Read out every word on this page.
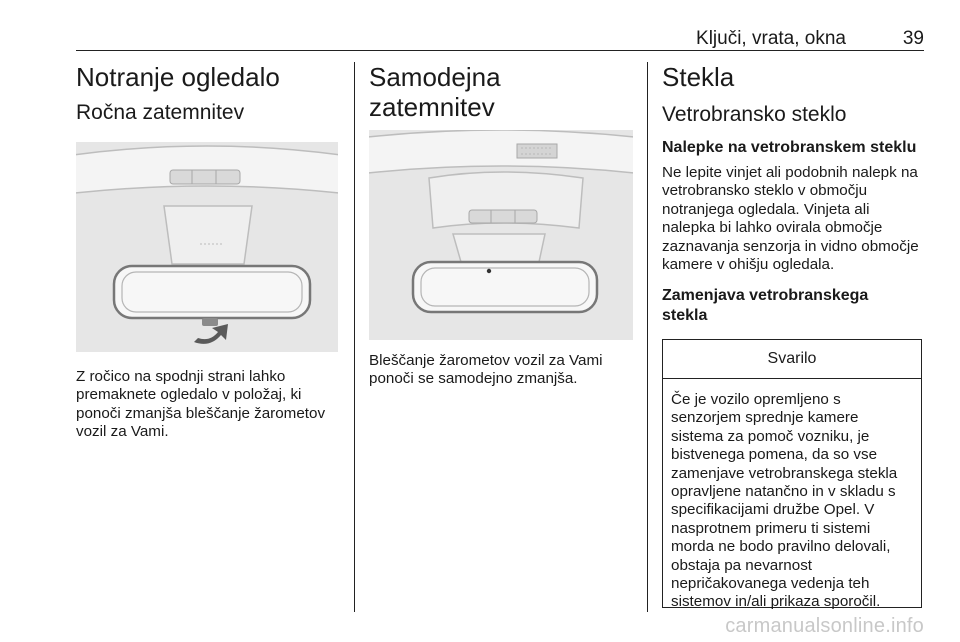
Ključi, vrata, okna	39
Notranje ogledalo
Ročna zatemnitev

Z ročico na spodnji strani lahko premaknete ogledalo v položaj, ki ponoči zmanjša bleščanje žarometov vozil za Vami.

Samodejna zatemnitev

Bleščanje žarometov vozil za Vami ponoči se samodejno zmanjša.

Stekla
Vetrobransko steklo
Nalepke na vetrobranskem steklu

Ne lepite vinjet ali podobnih nalepk na vetrobransko steklo v območju notranjega ogledala. Vinjeta ali nalepka bi lahko ovirala območje zaznavanja senzorja in vidno območje kamere v ohišju ogledala.

Zamenjava vetrobranskega stekla
Svarilo
Če je vozilo opremljeno s senzorjem sprednje kamere sistema za pomoč vozniku, je bistvenega pomena, da so vse zamenjave vetrobranskega stekla opravljene natančno in v skladu s specifikacijami družbe Opel. V nasprotnem primeru ti sistemi morda ne bodo pravilno delovali, obstaja pa nevarnost nepričakovanega vedenja teh sistemov in/ali prikaza sporočil.
carmanualsonline.info
